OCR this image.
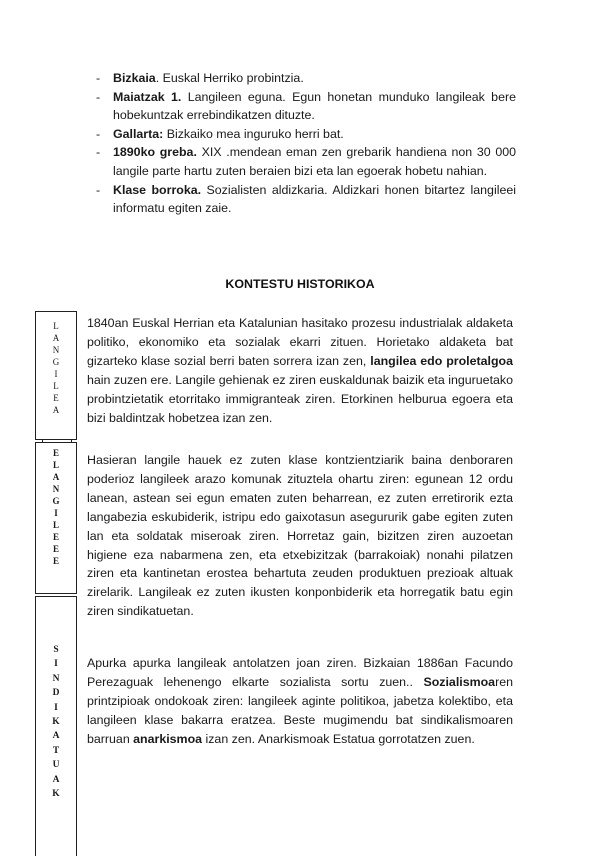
- Bizkaia. Euskal Herriko probintzia.
- Maiatzak 1. Langileen eguna. Egun honetan munduko langileak bere hobekuntzak errebindikatzen dituzte.
- Gallarta: Bizkaiko mea inguruko herri bat.
- 1890ko greba. XIX .mendean eman zen grebarik handiena non 30 000 langile parte hartu zuten beraien bizi eta lan egoerak hobetu nahian.
- Klase borroka. Sozialisten aldizkaria. Aldizkari honen bitartez langileei informatu egiten zaie.
KONTESTU HISTORIKOA
L
A
N
G
I
L
E
A
E
L
A
N
G
I
L
E
E
E
S
I
N
D
I
K
A
T
U
A
K

1840an Euskal Herrian eta Katalunian hasitako prozesu industrialak aldaketa politiko, ekonomiko eta sozialak ekarri zituen. Horietako aldaketa bat gizarteko klase sozial berri baten sorrera izan zen, langilea edo proletalgoa hain zuzen ere. Langile gehienak ez ziren euskaldunak baizik eta inguruetako probintzietatik etorritako immigranteak ziren. Etorkinen helburua egoera eta bizi baldintzak hobetzea izan zen.

Hasieran langile hauek ez zuten klase kontzientziarik baina denboraren poderioz langileek arazo komunak zituztela ohartu ziren: egunean 12 ordu lanean, astean sei egun ematen zuten beharrean, ez zuten erretirorik ezta langabezia eskubiderik, istripu edo gaixotasun asegururik gabe egiten zuten lan eta soldatak miseroak ziren. Horretaz gain, bizitzen ziren auzoetan higiene eza nabarmena zen, eta etxebizitzak (barrakoiak) nonahi pilatzen ziren eta kantinetan erostea behartuta zeuden produktuen prezioak altuak zirelarik. Langileak ez zuten ikusten konponbiderik eta horregatik batu egin ziren sindikatuetan.

Apurka apurka langileak antolatzen joan ziren. Bizkaian 1886an Facundo Perezaguak lehenengo elkarte sozialista sortu zuen.. Sozialismoaren printzipioak ondokoak ziren: langileek aginte politikoa, jabetza kolektibo, eta langileen klase bakarra eratzea. Beste mugimendu bat sindikalismoaren barruan anarkismoa izan zen. Anarkismoak Estatua gorrotatzen zuen.
